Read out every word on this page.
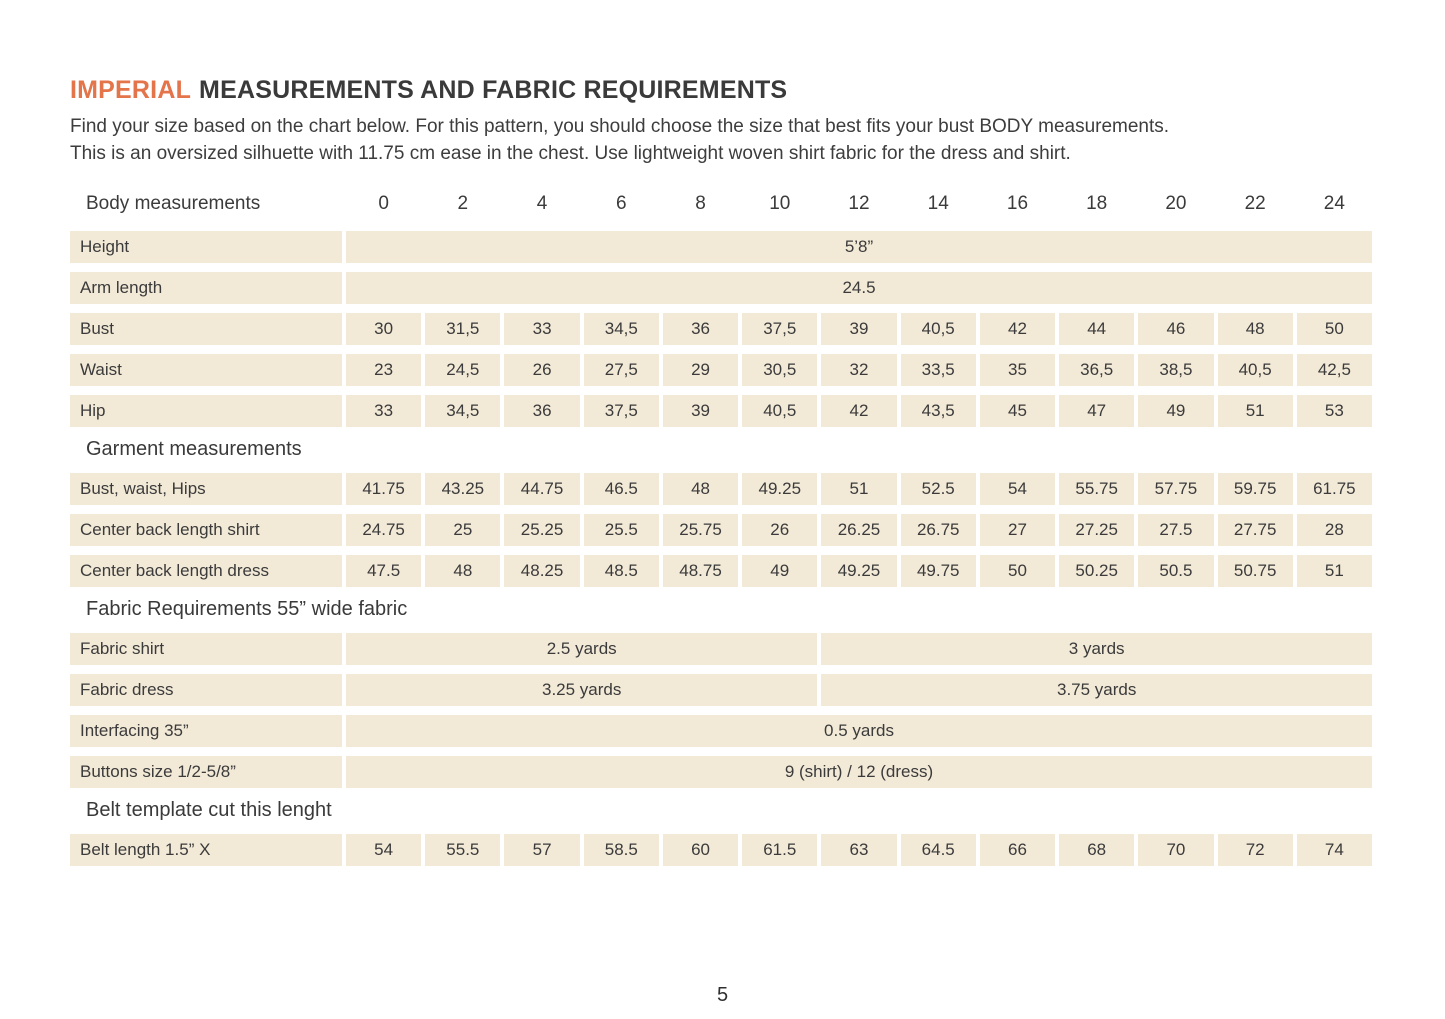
IMPERIAL MEASUREMENTS AND FABRIC REQUIREMENTS

Find your size based on the chart below. For this pattern, you should choose the size that best fits your bust BODY measurements.
This is an oversized silhuette with 11.75 cm ease in the chest. Use lightweight woven shirt fabric for the dress and shirt.

Body measurements	0	2	4	6	8	10	12	14	16	18	20	22	24
Height	5’8”
Arm length	24.5
Bust	30	31,5	33	34,5	36	37,5	39	40,5	42	44	46	48	50
Waist	23	24,5	26	27,5	29	30,5	32	33,5	35	36,5	38,5	40,5	42,5
Hip	33	34,5	36	37,5	39	40,5	42	43,5	45	47	49	51	53
Garment measurements
Bust, waist, Hips	41.75	43.25	44.75	46.5	48	49.25	51	52.5	54	55.75	57.75	59.75	61.75
Center back length shirt	24.75	25	25.25	25.5	25.75	26	26.25	26.75	27	27.25	27.5	27.75	28
Center back length dress	47.5	48	48.25	48.5	48.75	49	49.25	49.75	50	50.25	50.5	50.75	51
Fabric Requirements 55” wide fabric
Fabric shirt	2.5 yards	3 yards
Fabric dress	3.25 yards	3.75 yards
Interfacing 35”	0.5 yards
Buttons size 1/2-5/8”	9 (shirt) / 12 (dress)
Belt template cut this lenght
Belt length 1.5” X	54	55.5	57	58.5	60	61.5	63	64.5	66	68	70	72	74
5
